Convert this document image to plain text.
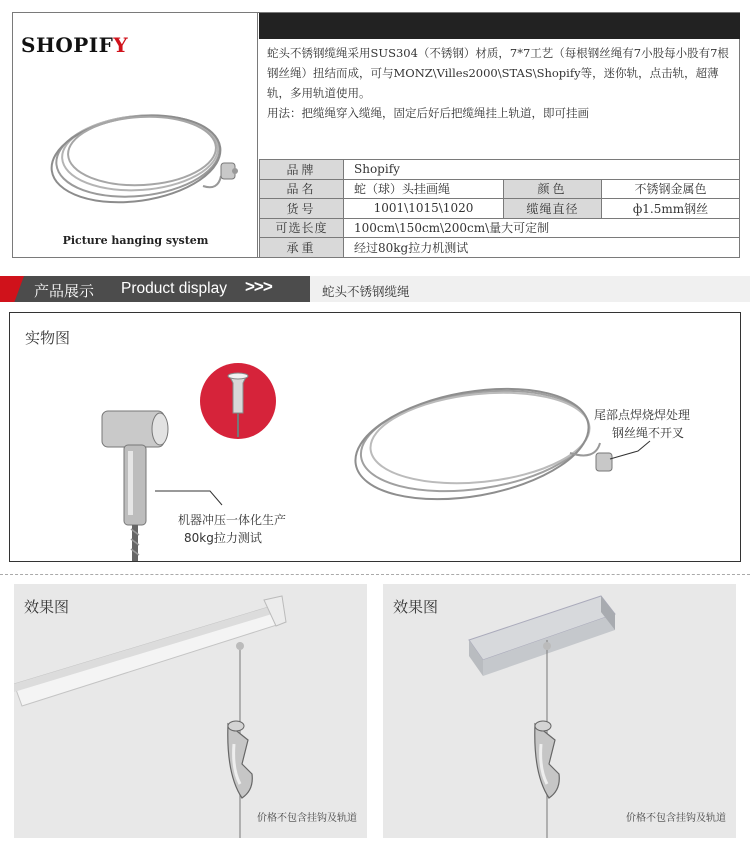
SHOPIFY
Picture hanging system

蛇头不锈钢缆绳采用SUS304（不锈钢）材质，7*7工艺（每根钢丝绳有7小股每小股有7根钢丝绳）扭结而成，可与MONZ\Villes2000\STAS\Shopify等，迷你轨，点击轨，超薄轨，多用轨道使用。

用法：把缆绳穿入缆绳，固定后好后把缆绳挂上轨道，即可挂画

品牌	Shopify		
品名	蛇（球）头挂画绳	颜色	不锈钢金属色
货号	1001\1015\1020	缆绳直径	ф1.5mm钢丝
可选长度	100cm\150cm\200cm\量大可定制		
承重	经过80kg拉力机测试		
产品展示 Product display >>>	蛇头不锈钢缆绳
实物图
机器冲压一体化生产
80kg拉力测试
尾部点焊烧焊处理
钢丝绳不开叉
效果图
价格不包含挂钩及轨道
效果图
价格不包含挂钩及轨道
